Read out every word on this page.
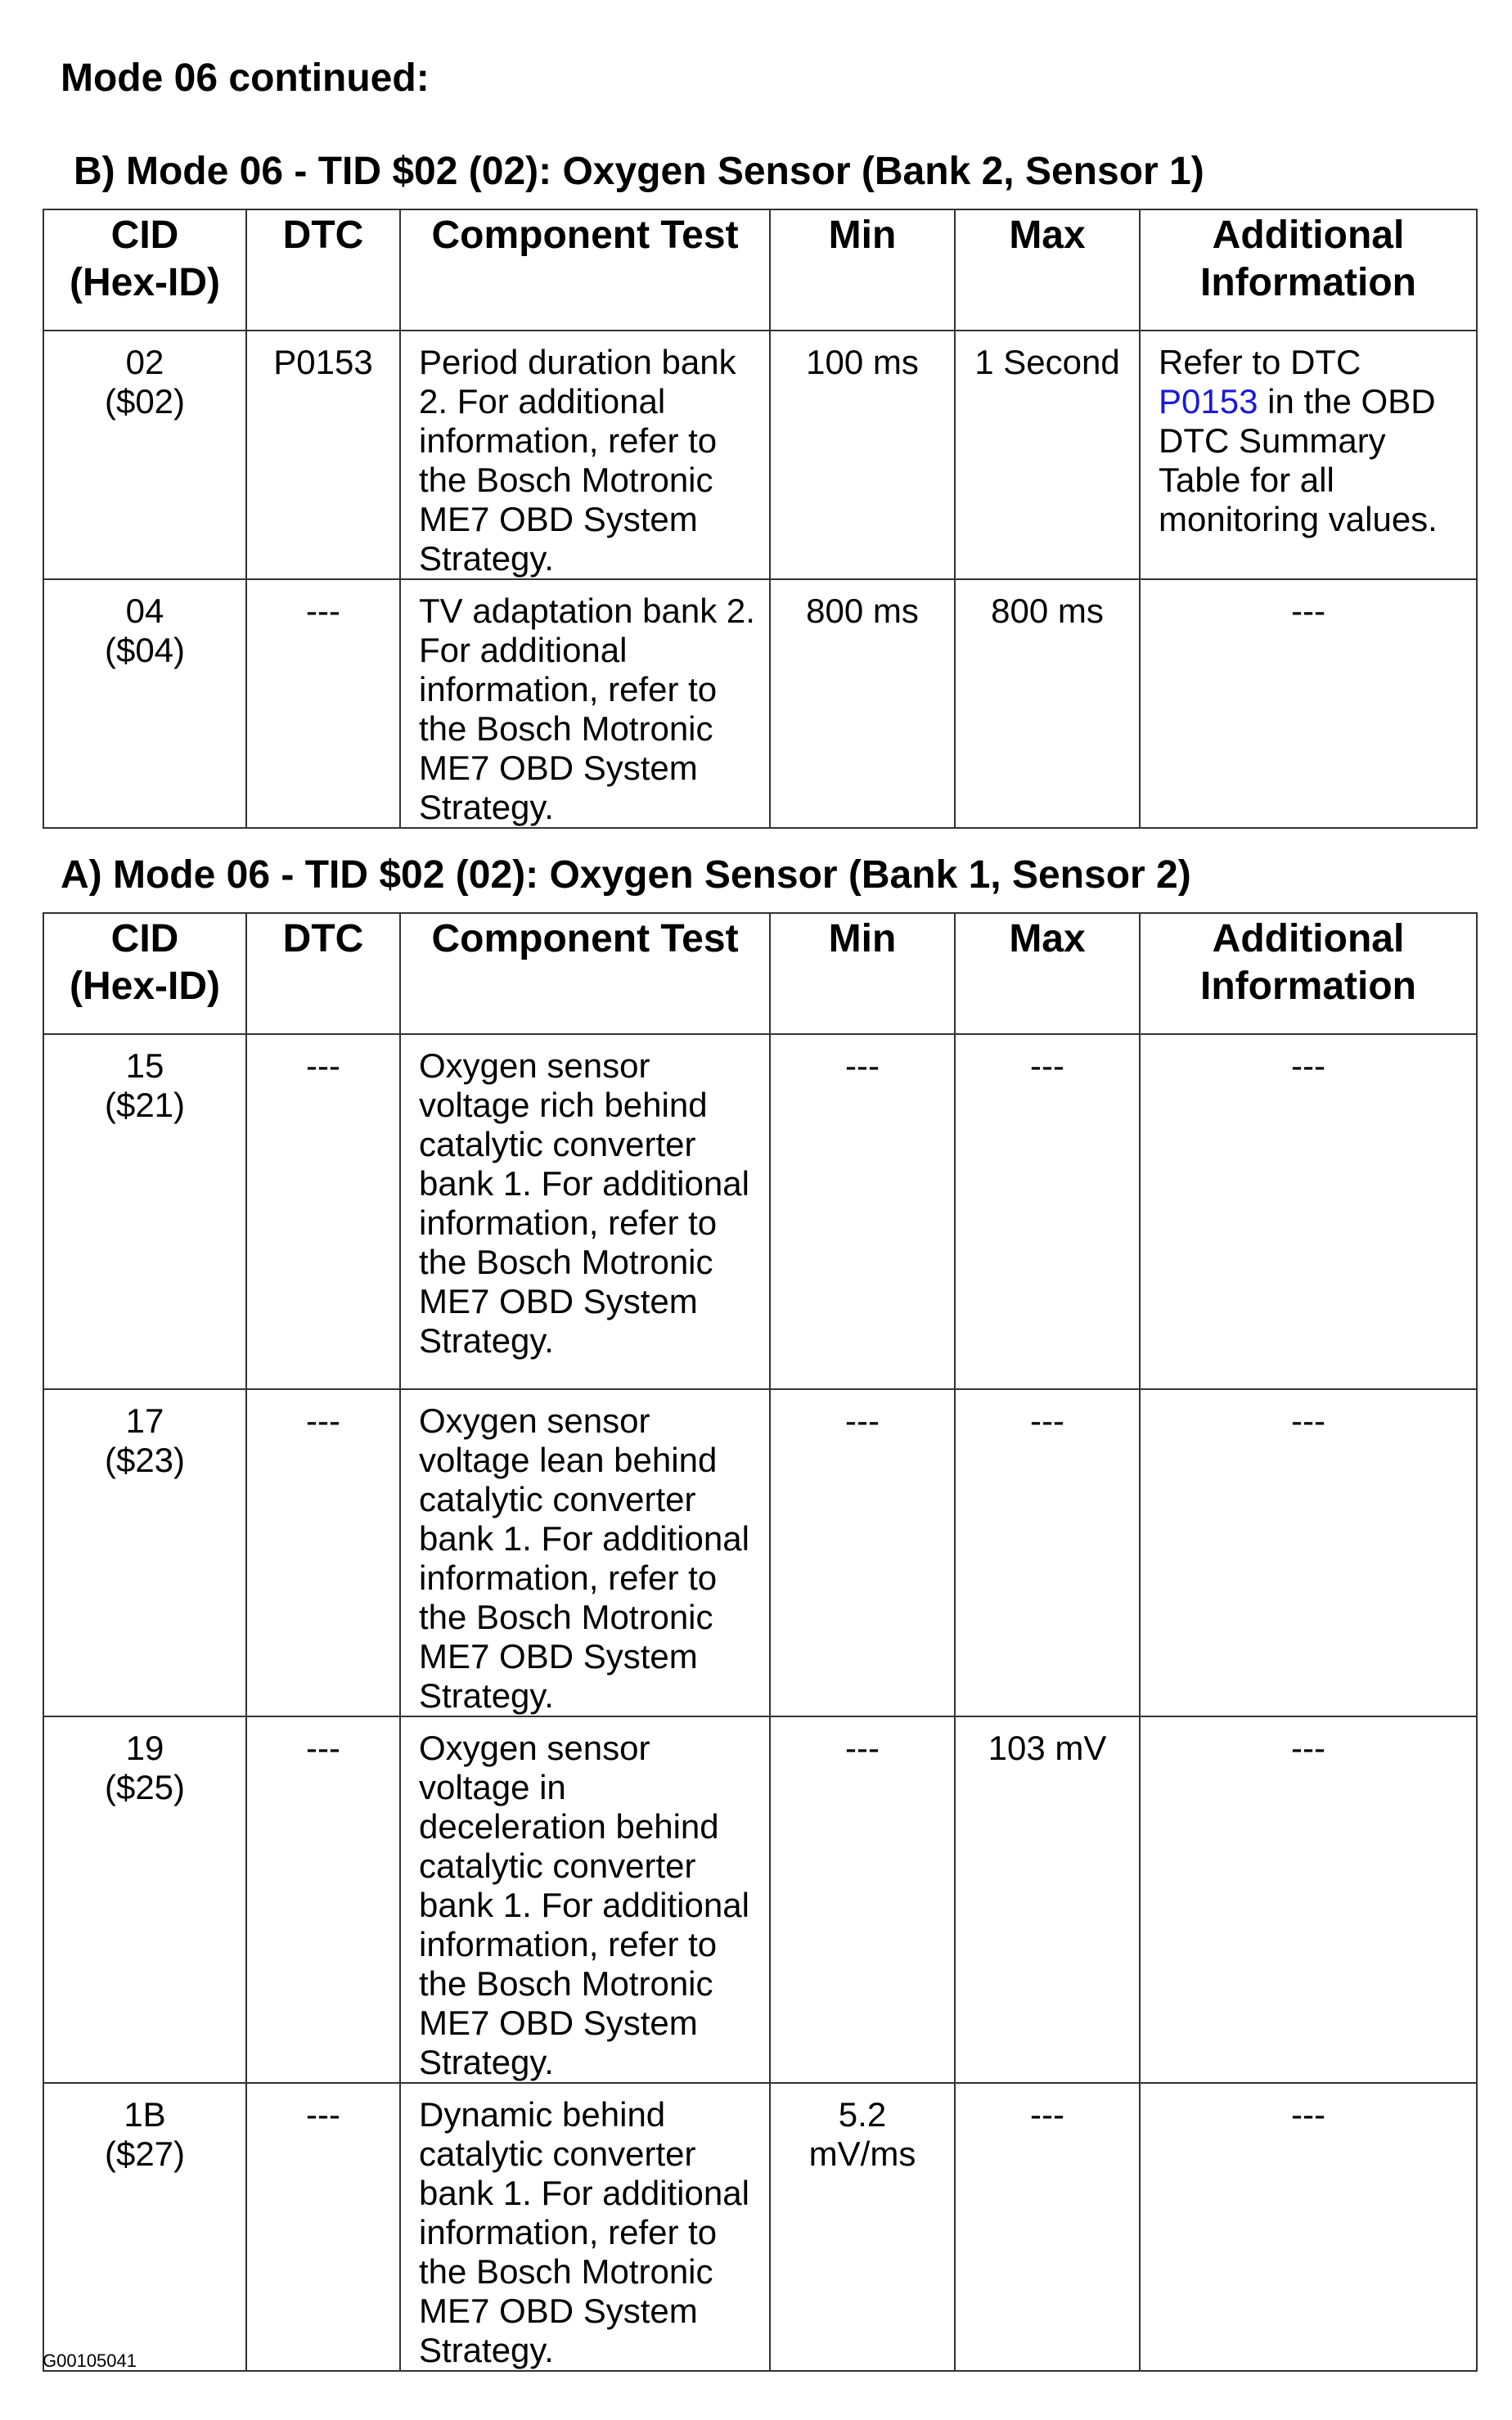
Mode 06 continued:
B) Mode 06 - TID $02 (02): Oxygen Sensor (Bank 2, Sensor 1)
CID
(Hex-ID)	DTC	Component Test	Min	Max	Additional
Information

02
($02)	P0153	Period duration bank 2. For additional information, refer to the Bosch Motronic ME7 OBD System Strategy.	100 ms	1 Second	Refer to DTC
P0153 in the OBD DTC Summary Table for all monitoring values.

04
($04)	---	TV adaptation bank 2. For additional information, refer to the Bosch Motronic ME7 OBD System Strategy.	800 ms	800 ms	---
A) Mode 06 - TID $02 (02): Oxygen Sensor (Bank 1, Sensor 2)
CID
(Hex-ID)	DTC	Component Test	Min	Max	Additional
Information

15
($21)	---	Oxygen sensor voltage rich behind catalytic converter bank 1. For additional information, refer to the Bosch Motronic ME7 OBD System Strategy.	---	---	---

17
($23)	---	Oxygen sensor voltage lean behind catalytic converter bank 1. For additional information, refer to the Bosch Motronic ME7 OBD System Strategy.	---	---	---

19
($25)	---	Oxygen sensor voltage in deceleration behind catalytic converter bank 1. For additional information, refer to the Bosch Motronic ME7 OBD System Strategy.	---	103 mV	---

1B
($27)	---	Dynamic behind catalytic converter bank 1. For additional information, refer to the Bosch Motronic ME7 OBD System Strategy.	5.2
mV/ms	---	---
G00105041
